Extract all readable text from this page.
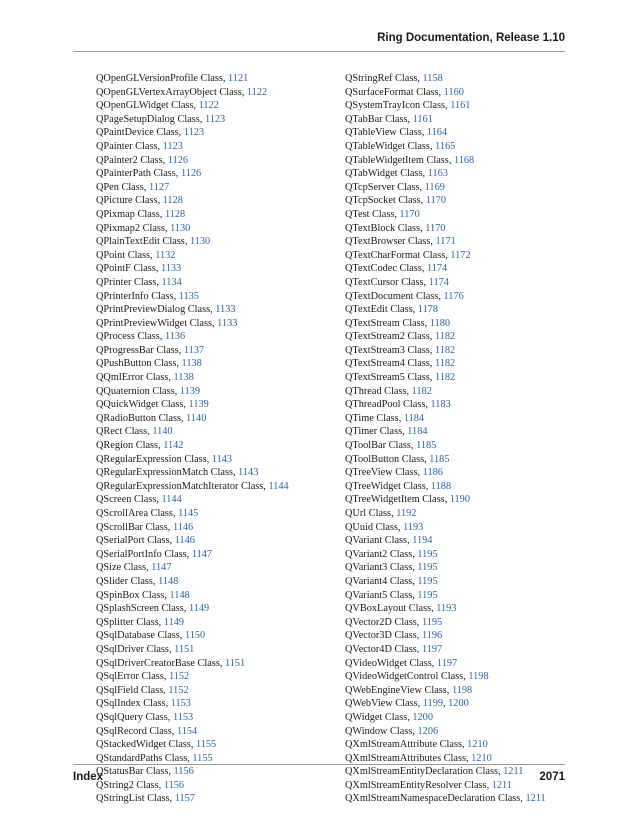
Ring Documentation, Release 1.10
QOpenGLVersionProfile Class, 1121
QOpenGLVertexArrayObject Class, 1122
QOpenGLWidget Class, 1122
QPageSetupDialog Class, 1123
QPaintDevice Class, 1123
QPainter Class, 1123
QPainter2 Class, 1126
QPainterPath Class, 1126
QPen Class, 1127
QPicture Class, 1128
QPixmap Class, 1128
QPixmap2 Class, 1130
QPlainTextEdit Class, 1130
QPoint Class, 1132
QPointF Class, 1133
QPrinter Class, 1134
QPrinterInfo Class, 1135
QPrintPreviewDialog Class, 1133
QPrintPreviewWidget Class, 1133
QProcess Class, 1136
QProgressBar Class, 1137
QPushButton Class, 1138
QQmlError Class, 1138
QQuaternion Class, 1139
QQuickWidget Class, 1139
QRadioButton Class, 1140
QRect Class, 1140
QRegion Class, 1142
QRegularExpression Class, 1143
QRegularExpressionMatch Class, 1143
QRegularExpressionMatchIterator Class, 1144
QScreen Class, 1144
QScrollArea Class, 1145
QScrollBar Class, 1146
QSerialPort Class, 1146
QSerialPortInfo Class, 1147
QSize Class, 1147
QSlider Class, 1148
QSpinBox Class, 1148
QSplashScreen Class, 1149
QSplitter Class, 1149
QSqlDatabase Class, 1150
QSqlDriver Class, 1151
QSqlDriverCreatorBase Class, 1151
QSqlError Class, 1152
QSqlField Class, 1152
QSqlIndex Class, 1153
QSqlQuery Class, 1153
QSqlRecord Class, 1154
QStackedWidget Class, 1155
QStandardPaths Class, 1155
QStatusBar Class, 1156
QString2 Class, 1156
QStringList Class, 1157
QStringRef Class, 1158
QSurfaceFormat Class, 1160
QSystemTrayIcon Class, 1161
QTabBar Class, 1161
QTableView Class, 1164
QTableWidget Class, 1165
QTableWidgetItem Class, 1168
QTabWidget Class, 1163
QTcpServer Class, 1169
QTcpSocket Class, 1170
QTest Class, 1170
QTextBlock Class, 1170
QTextBrowser Class, 1171
QTextCharFormat Class, 1172
QTextCodec Class, 1174
QTextCursor Class, 1174
QTextDocument Class, 1176
QTextEdit Class, 1178
QTextStream Class, 1180
QTextStream2 Class, 1182
QTextStream3 Class, 1182
QTextStream4 Class, 1182
QTextStream5 Class, 1182
QThread Class, 1182
QThreadPool Class, 1183
QTime Class, 1184
QTimer Class, 1184
QToolBar Class, 1185
QToolButton Class, 1185
QTreeView Class, 1186
QTreeWidget Class, 1188
QTreeWidgetItem Class, 1190
QUrl Class, 1192
QUuid Class, 1193
QVariant Class, 1194
QVariant2 Class, 1195
QVariant3 Class, 1195
QVariant4 Class, 1195
QVariant5 Class, 1195
QVBoxLayout Class, 1193
QVector2D Class, 1195
QVector3D Class, 1196
QVector4D Class, 1197
QVideoWidget Class, 1197
QVideoWidgetControl Class, 1198
QWebEngineView Class, 1198
QWebView Class, 1199, 1200
QWidget Class, 1200
QWindow Class, 1206
QXmlStreamAttribute Class, 1210
QXmlStreamAttributes Class, 1210
QXmlStreamEntityDeclaration Class, 1211
QXmlStreamEntityResolver Class, 1211
QXmlStreamNamespaceDeclaration Class, 1211
Index	2071
